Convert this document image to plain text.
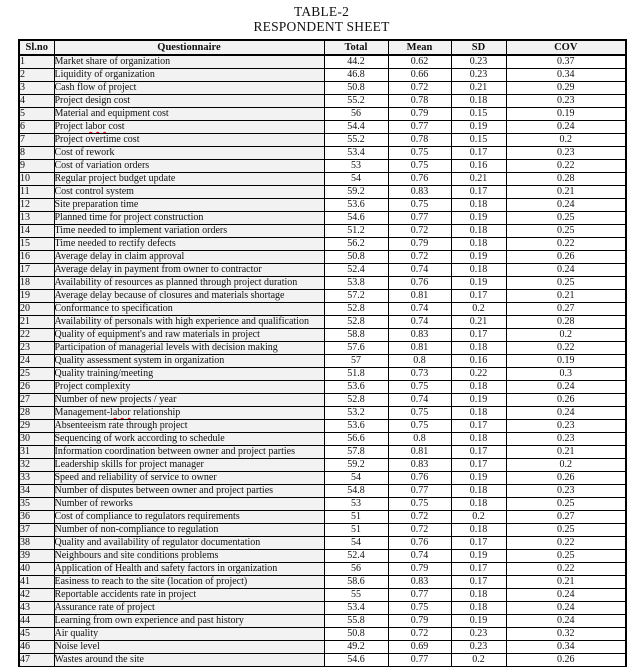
TABLE-2
RESPONDENT SHEET
Sl.no	Questionnaire	Total	Mean	SD	COV
1	Market share of organization	44.2	0.62	0.23	0.37
2	Liquidity of organization	46.8	0.66	0.23	0.34
3	Cash flow of project	50.8	0.72	0.21	0.29
4	Project design cost	55.2	0.78	0.18	0.23
5	Material and equipment cost	56	0.79	0.15	0.19
6	Project labor cost	54.4	0.77	0.19	0.24
7	Project overtime cost	55.2	0.78	0.15	0.2
8	Cost of rework	53.4	0.75	0.17	0.23
9	Cost of variation orders	53	0.75	0.16	0.22
10	Regular project budget update	54	0.76	0.21	0.28
11	Cost control system	59.2	0.83	0.17	0.21
12	Site preparation time	53.6	0.75	0.18	0.24
13	Planned time for project construction	54.6	0.77	0.19	0.25
14	Time needed to implement variation orders	51.2	0.72	0.18	0.25
15	Time needed to rectify defects	56.2	0.79	0.18	0.22
16	Average delay in claim approval	50.8	0.72	0.19	0.26
17	Average delay in payment from owner to contractor	52.4	0.74	0.18	0.24
18	Availability of resources as planned through project duration	53.8	0.76	0.19	0.25
19	Average delay because of closures and materials shortage	57.2	0.81	0.17	0.21
20	Conformance to specification	52.8	0.74	0.2	0.27
21	Availability of personals with high experience and qualification	52.8	0.74	0.21	0.28
22	Quality of equipment's and raw materials in project	58.8	0.83	0.17	0.2
23	Participation of managerial levels with decision making	57.6	0.81	0.18	0.22
24	Quality assessment system in organization	57	0.8	0.16	0.19
25	Quality training/meeting	51.8	0.73	0.22	0.3
26	Project complexity	53.6	0.75	0.18	0.24
27	Number of new projects / year	52.8	0.74	0.19	0.26
28	Management-labor relationship	53.2	0.75	0.18	0.24
29	Absenteeism rate through project	53.6	0.75	0.17	0.23
30	Sequencing of work according to schedule	56.6	0.8	0.18	0.23
31	Information coordination between owner and project parties	57.8	0.81	0.17	0.21
32	Leadership skills for project manager	59.2	0.83	0.17	0.2
33	Speed and reliability of service to owner	54	0.76	0.19	0.26
34	Number of disputes between owner and project parties	54.8	0.77	0.18	0.23
35	Number of reworks	53	0.75	0.18	0.25
36	Cost of compliance to regulators requirements	51	0.72	0.2	0.27
37	Number of non-compliance to regulation	51	0.72	0.18	0.25
38	Quality and availability of regulator documentation	54	0.76	0.17	0.22
39	Neighbours and site conditions problems	52.4	0.74	0.19	0.25
40	Application of Health and safety factors in organization	56	0.79	0.17	0.22
41	Easiness to reach to the site (location of project)	58.6	0.83	0.17	0.21
42	Reportable accidents rate in project	55	0.77	0.18	0.24
43	Assurance rate of project	53.4	0.75	0.18	0.24
44	Learning from own experience and past history	55.8	0.79	0.19	0.24
45	Air quality	50.8	0.72	0.23	0.32
46	Noise level	49.2	0.69	0.23	0.34
47	Wastes around the site	54.6	0.77	0.2	0.26
